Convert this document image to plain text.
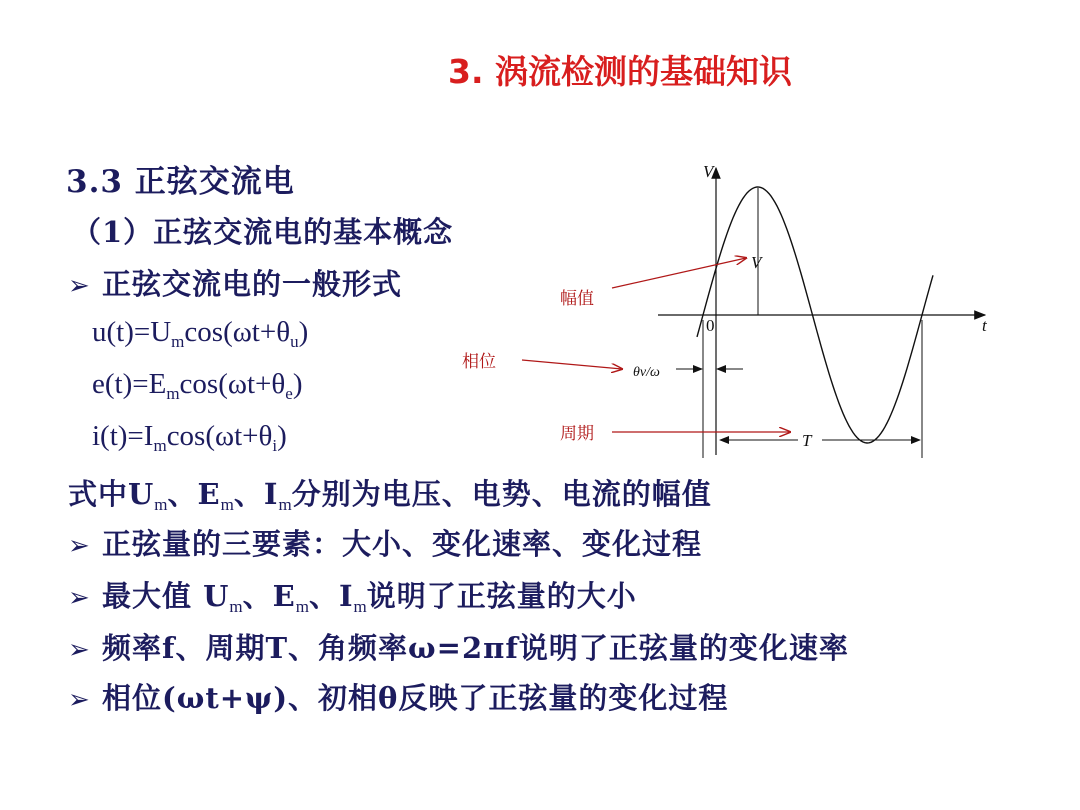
3. 涡流检测的基础知识
3.3 正弦交流电
（1）正弦交流电的基本概念
➢ 正弦交流电的一般形式
$u(t)=U_m\cos(\omega t+\theta_u)$
$e(t)=E_m\cos(\omega t+\theta_e)$
$i(t)=I_m\cos(\omega t+\theta_i)$
式中$U_m$、$E_m$、$I_m$分别为电压、电势、电流的幅值
➢ 正弦量的三要素：大小、变化速率、变化过程
➢ 最大值 $U_m$、$E_m$、$I_m$说明了正弦量的大小
➢ 频率f、周期T、角频率ω=2πf说明了正弦量的变化速率
➢ 相位(ωt+ψ)、初相θ反映了正弦量的变化过程
V
t
0
V
θv/ω
T
幅值
相位
周期
